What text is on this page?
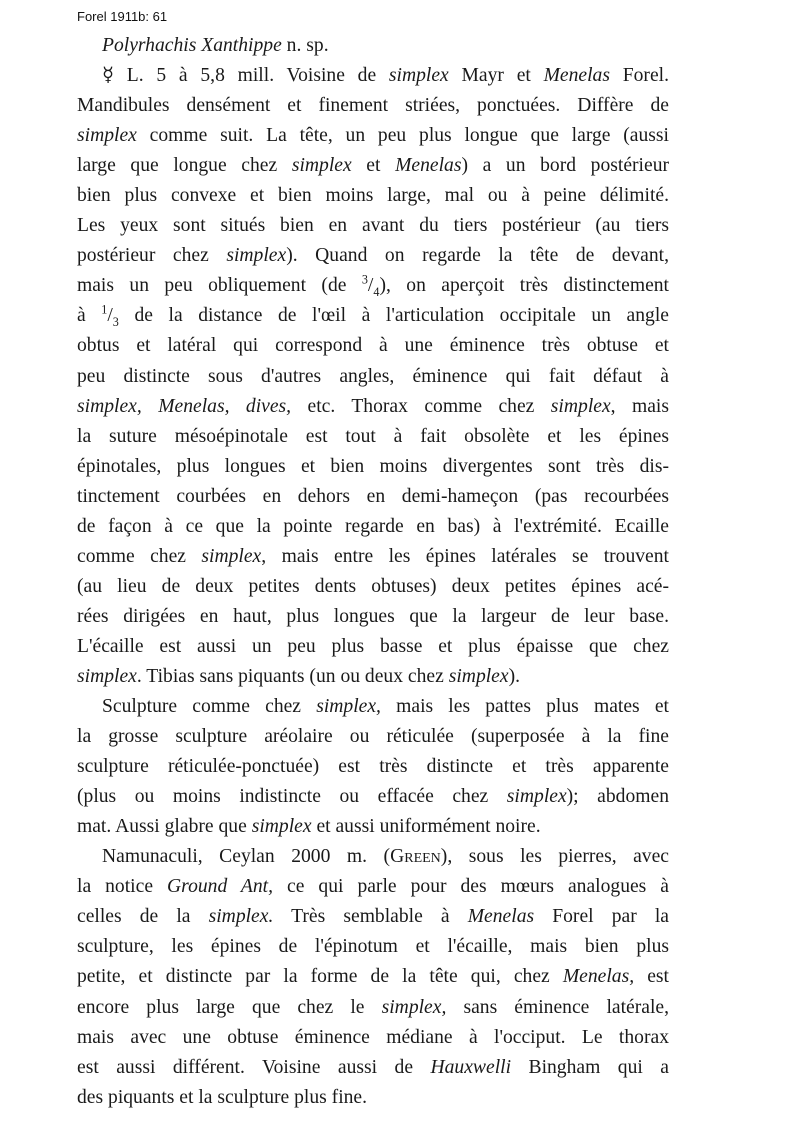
Forel 1911b: 61
Polyrhachis Xanthippe n. sp.
☿ L. 5 à 5,8 mill. Voisine de simplex Mayr et Menelas Forel.
Mandibules densément et finement striées, ponctuées. Diffère de
simplex comme suit. La tête, un peu plus longue que large (aussi
large que longue chez simplex et Menelas) a un bord postérieur
bien plus convexe et bien moins large, mal ou à peine délimité.
Les yeux sont situés bien en avant du tiers postérieur (au tiers
postérieur chez simplex). Quand on regarde la tête de devant,
mais un peu obliquement (de $^3/_4$), on aperçoit très distinctement
à $^1/_3$ de la distance de l'œil à l'articulation occipitale un angle
obtus et latéral qui correspond à une éminence très obtuse et
peu distincte sous d'autres angles, éminence qui fait défaut à
simplex, Menelas, dives, etc. Thorax comme chez simplex, mais
la suture mésoépinotale est tout à fait obsolète et les épines
épinotales, plus longues et bien moins divergentes sont très dis-
tinctement courbées en dehors en demi-hameçon (pas recourbées
de façon à ce que la pointe regarde en bas) à l'extrémité. Ecaille
comme chez simplex, mais entre les épines latérales se trouvent
(au lieu de deux petites dents obtuses) deux petites épines acé-
rées dirigées en haut, plus longues que la largeur de leur base.
L'écaille est aussi un peu plus basse et plus épaisse que chez
simplex. Tibias sans piquants (un ou deux chez simplex).
Sculpture comme chez simplex, mais les pattes plus mates et
la grosse sculpture aréolaire ou réticulée (superposée à la fine
sculpture réticulée-ponctuée) est très distincte et très apparente
(plus ou moins indistincte ou effacée chez simplex); abdomen
mat. Aussi glabre que simplex et aussi uniformément noire.
Namunaculi, Ceylan 2000 m. (Green), sous les pierres, avec
la notice Ground Ant, ce qui parle pour des mœurs analogues à
celles de la simplex. Très semblable à Menelas Forel par la
sculpture, les épines de l'épinotum et l'écaille, mais bien plus
petite, et distincte par la forme de la tête qui, chez Menelas, est
encore plus large que chez le simplex, sans éminence latérale,
mais avec une obtuse éminence médiane à l'occiput. Le thorax
est aussi différent. Voisine aussi de Hauxwelli Bingham qui a
des piquants et la sculpture plus fine.
